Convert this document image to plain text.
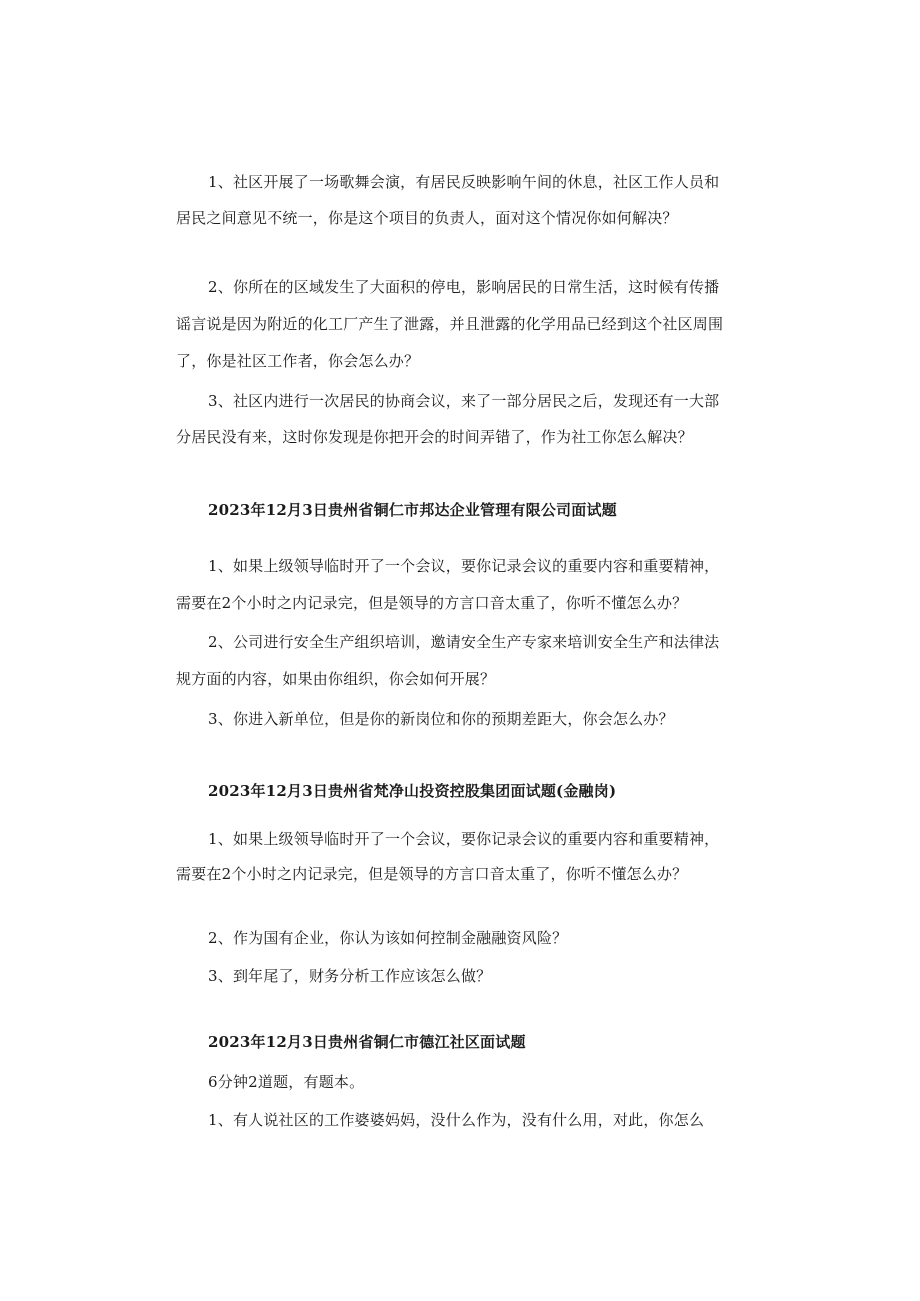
1、社区开展了一场歌舞会演，有居民反映影响午间的休息，社区工作人员和
居民之间意见不统一，你是这个项目的负责人，面对这个情况你如何解决？
2、你所在的区域发生了大面积的停电，影响居民的日常生活，这时候有传播
谣言说是因为附近的化工厂产生了泄露，并且泄露的化学用品已经到这个社区周围
了，你是社区工作者，你会怎么办？
3、社区内进行一次居民的协商会议，来了一部分居民之后，发现还有一大部
分居民没有来，这时你发现是你把开会的时间弄错了，作为社工你怎么解决？
2023年12月3日贵州省铜仁市邦达企业管理有限公司面试题
1、如果上级领导临时开了一个会议，要你记录会议的重要内容和重要精神，
需要在2个小时之内记录完，但是领导的方言口音太重了，你听不懂怎么办？
2、公司进行安全生产组织培训，邀请安全生产专家来培训安全生产和法律法
规方面的内容，如果由你组织，你会如何开展？
3、你进入新单位，但是你的新岗位和你的预期差距大，你会怎么办？
2023年12月3日贵州省梵净山投资控股集团面试题(金融岗)
1、如果上级领导临时开了一个会议，要你记录会议的重要内容和重要精神，
需要在2个小时之内记录完，但是领导的方言口音太重了，你听不懂怎么办？
2、作为国有企业，你认为该如何控制金融融资风险？
3、到年尾了，财务分析工作应该怎么做？
2023年12月3日贵州省铜仁市德江社区面试题
6分钟2道题，有题本。
1、有人说社区的工作婆婆妈妈，没什么作为，没有什么用，对此，你怎么
